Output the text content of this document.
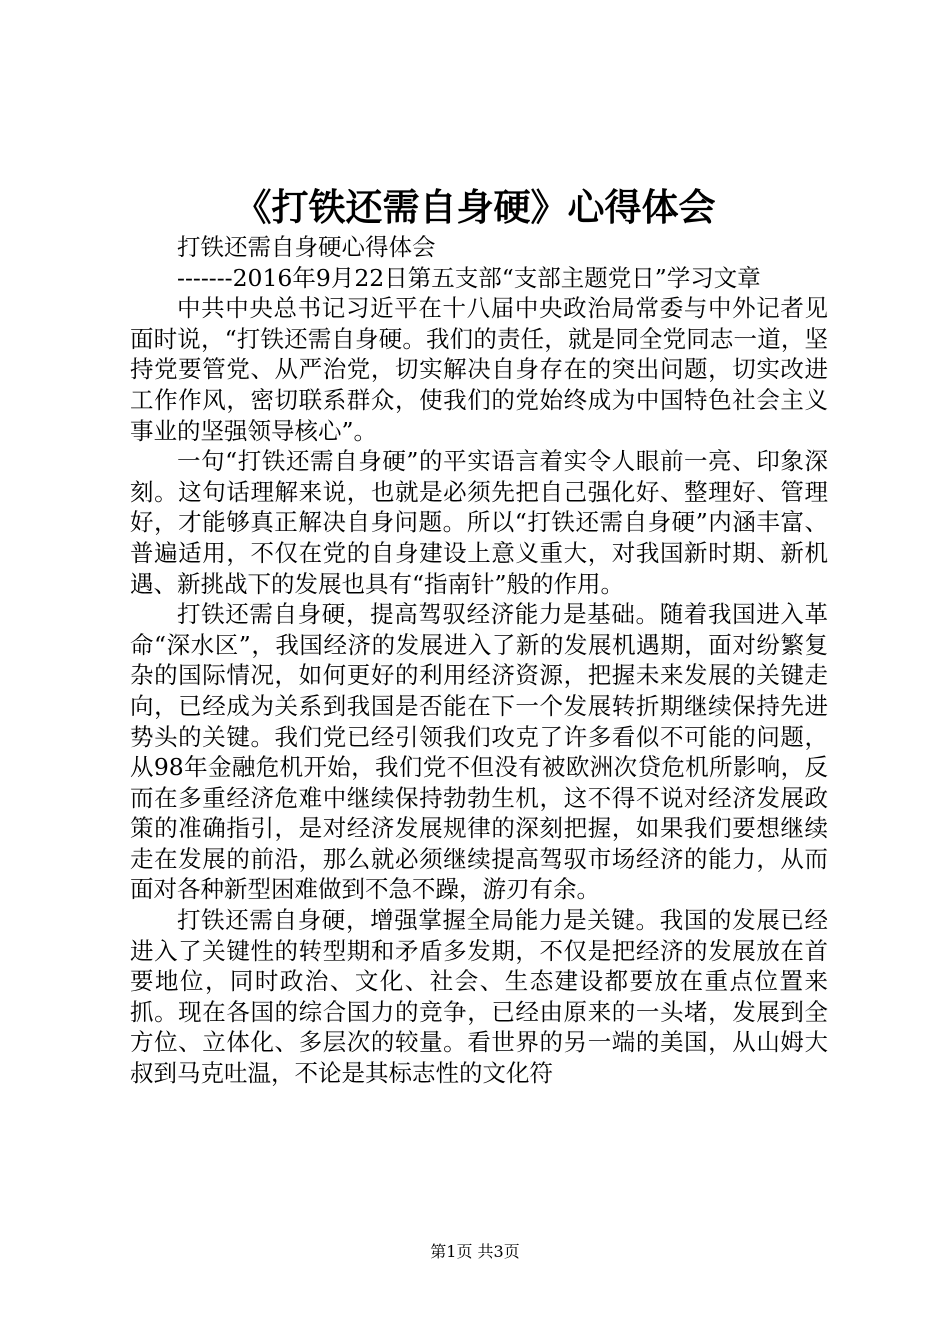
《打铁还需自身硬》心得体会

打铁还需自身硬心得体会

-------2016年9月22日第五支部“支部主题党日”学习文章

中共中央总书记习近平在十八届中央政治局常委与中外记者见面时说，“打铁还需自身硬。我们的责任，就是同全党同志一道，坚持党要管党、从严治党，切实解决自身存在的突出问题，切实改进工作作风，密切联系群众，使我们的党始终成为中国特色社会主义事业的坚强领导核心”。

一句“打铁还需自身硬”的平实语言着实令人眼前一亮、印象深刻。这句话理解来说，也就是必须先把自己强化好、整理好、管理好，才能够真正解决自身问题。所以“打铁还需自身硬”内涵丰富、普遍适用，不仅在党的自身建设上意义重大，对我国新时期、新机遇、新挑战下的发展也具有“指南针”般的作用。

打铁还需自身硬，提高驾驭经济能力是基础。随着我国进入革命“深水区”，我国经济的发展进入了新的发展机遇期，面对纷繁复杂的国际情况，如何更好的利用经济资源，把握未来发展的关键走向，已经成为关系到我国是否能在下一个发展转折期继续保持先进势头的关键。我们党已经引领我们攻克了许多看似不可能的问题，从98年金融危机开始，我们党不但没有被欧洲次贷危机所影响，反而在多重经济危难中继续保持勃勃生机，这不得不说对经济发展政策的准确指引，是对经济发展规律的深刻把握，如果我们要想继续走在发展的前沿，那么就必须继续提高驾驭市场经济的能力，从而面对各种新型困难做到不急不躁，游刃有余。

打铁还需自身硬，增强掌握全局能力是关键。我国的发展已经进入了关键性的转型期和矛盾多发期，不仅是把经济的发展放在首要地位，同时政治、文化、社会、生态建设都要放在重点位置来抓。现在各国的综合国力的竞争，已经由原来的一头堵，发展到全方位、立体化、多层次的较量。看世界的另一端的美国，从山姆大叔到马克吐温，不论是其标志性的文化符

第1页 共3页
